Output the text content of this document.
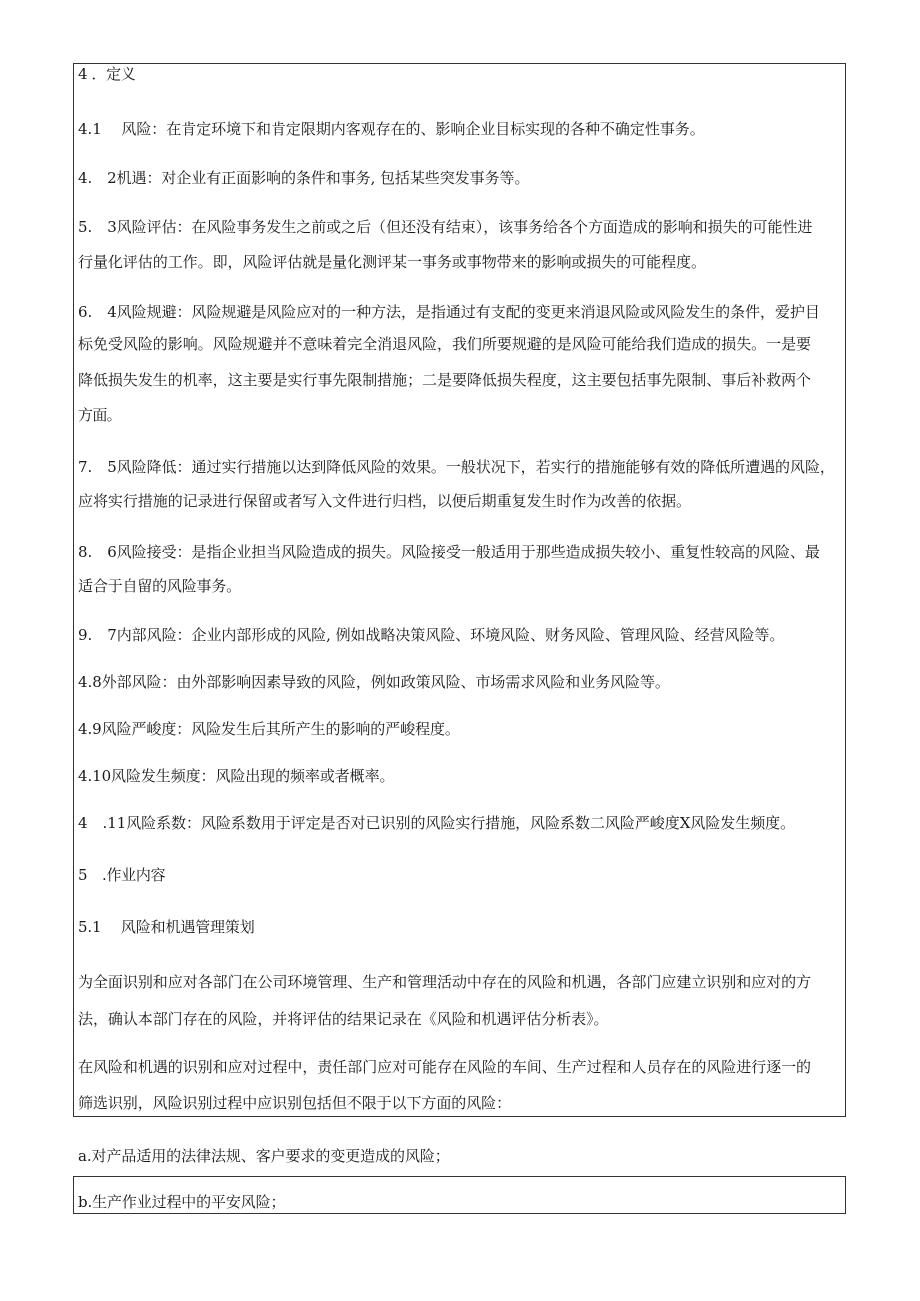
4 ．定义

4.1　 风险：在肯定环境下和肯定限期内客观存在的、影响企业目标实现的各种不确定性事务。

4.　2机遇：对企业有正面影响的条件和事务, 包括某些突发事务等。

5.　3风险评估：在风险事务发生之前或之后（但还没有结束），该事务给各个方面造成的影响和损失的可能性进

行量化评估的工作。即，风险评估就是量化测评某一事务或事物带来的影响或损失的可能程度。

6.　4风险规避：风险规避是风险应对的一种方法，是指通过有支配的变更来消退风险或风险发生的条件，爱护目

标免受风险的影响。风险规避并不意味着完全消退风险，我们所要规避的是风险可能给我们造成的损失。一是要

降低损失发生的机率，这主要是实行事先限制措施；二是要降低损失程度，这主要包括事先限制、事后补救两个

方面。

7.　5风险降低：通过实行措施以达到降低风险的效果。一般状况下，若实行的措施能够有效的降低所遭遇的风险，

应将实行措施的记录进行保留或者写入文件进行归档，以便后期重复发生时作为改善的依据。

8.　6风险接受：是指企业担当风险造成的损失。风险接受一般适用于那些造成损失较小、重复性较高的风险、最

适合于自留的风险事务。

9.　7内部风险：企业内部形成的风险, 例如战略决策风险、环境风险、财务风险、管理风险、经营风险等。

4.8外部风险：由外部影响因素导致的风险，例如政策风险、市场需求风险和业务风险等。

4.9风险严峻度：风险发生后其所产生的影响的严峻程度。

4.10风险发生频度：风险出现的频率或者概率。

4　.11风险系数：风险系数用于评定是否对已识别的风险实行措施，风险系数二风险严峻度X风险发生频度。

5　.作业内容

5.1　 风险和机遇管理策划

为全面识别和应对各部门在公司环境管理、生产和管理活动中存在的风险和机遇，各部门应建立识别和应对的方

法，确认本部门存在的风险，并将评估的结果记录在《风险和机遇评估分析表》。

在风险和机遇的识别和应对过程中，责任部门应对可能存在风险的车间、生产过程和人员存在的风险进行逐一的

筛选识别，风险识别过程中应识别包括但不限于以下方面的风险：

a.对产品适用的法律法规、客户要求的变更造成的风险；

b.生产作业过程中的平安风险；
